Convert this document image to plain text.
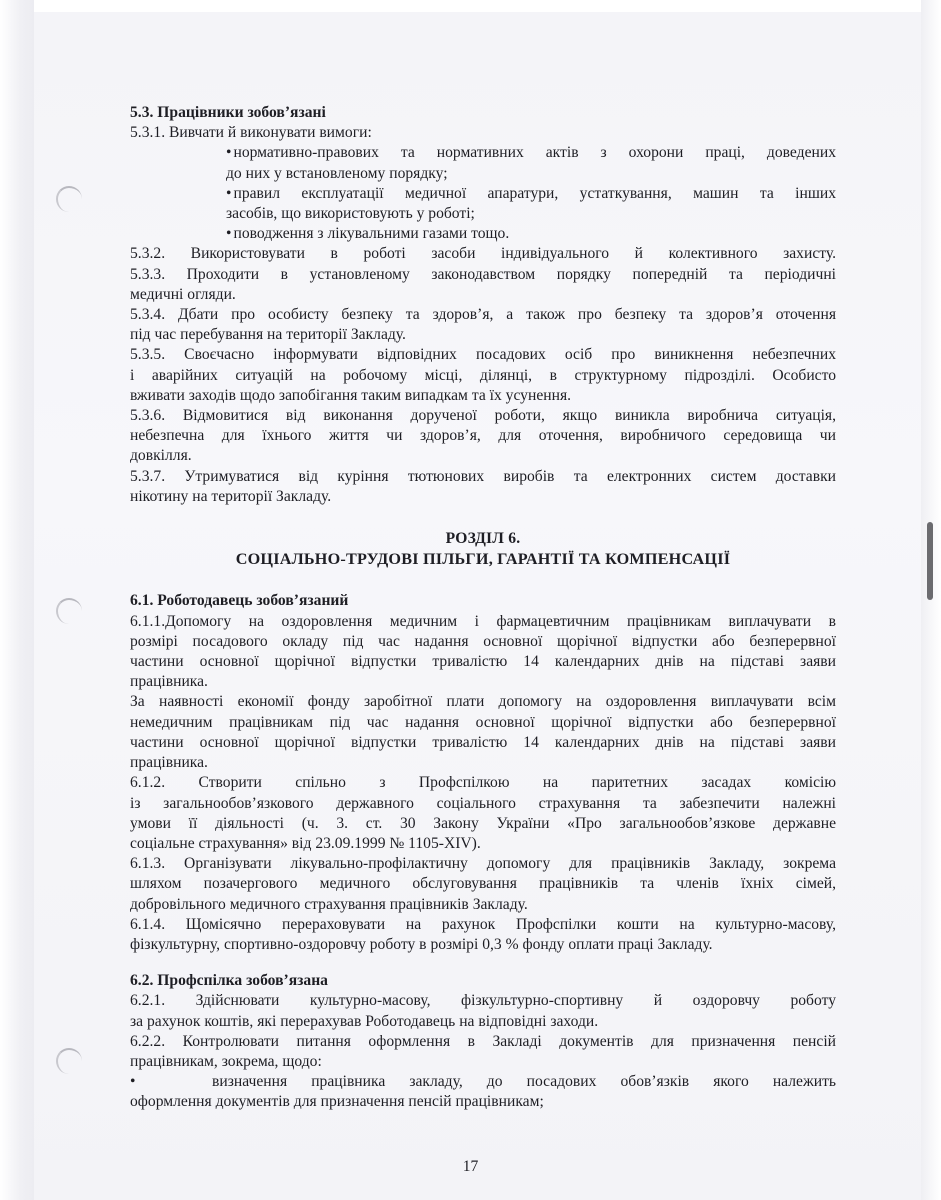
5.3. Працівники зобов’язані

5.3.1. Вивчати й виконувати вимоги:

• нормативно-правових та нормативних актів з охорони праці, доведених

до них у встановленому порядку;

• правил експлуатації медичної апаратури, устаткування, машин та інших

засобів, що використовують у роботі;

• поводження з лікувальними газами тощо.

5.3.2. Використовувати в роботі засоби індивідуального й колективного захисту.

5.3.3. Проходити в установленому законодавством порядку попередній та періодичні

медичні огляди.

5.3.4. Дбати про особисту безпеку та здоров’я, а також про безпеку та здоров’я оточення

під час перебування на території Закладу.

5.3.5. Своєчасно інформувати відповідних посадових осіб про виникнення небезпечних

і аварійних ситуацій на робочому місці, ділянці, в структурному підрозділі. Особисто

вживати заходів щодо запобігання таким випадкам та їх усунення.

5.3.6. Відмовитися від виконання дорученої роботи, якщо виникла виробнича ситуація,

небезпечна для їхнього життя чи здоров’я, для оточення, виробничого середовища чи

довкілля.

5.3.7. Утримуватися від куріння тютюнових виробів та електронних систем доставки

нікотину на території Закладу.

РОЗДІЛ 6.

СОЦІАЛЬНО-ТРУДОВІ ПІЛЬГИ, ГАРАНТІЇ ТА КОМПЕНСАЦІЇ

6.1. Роботодавець зобов’язаний

6.1.1.Допомогу на оздоровлення медичним і фармацевтичним працівникам виплачувати в

розмірі посадового окладу під час надання основної щорічної відпустки або безперервної

частини основної щорічної відпустки тривалістю 14 календарних днів на підставі заяви

працівника.

За наявності економії фонду заробітної плати допомогу на оздоровлення виплачувати всім

немедичним працівникам під час надання основної щорічної відпустки або безперервної

частини основної щорічної відпустки тривалістю 14 календарних днів на підставі заяви

працівника.

6.1.2. Створити спільно з Профспілкою на паритетних засадах комісію

із загальнообов’язкового державного соціального страхування та забезпечити належні

умови її діяльності (ч. 3. ст. 30 Закону України «Про загальнообов’язкове державне

соціальне страхування» від 23.09.1999 № 1105-XIV).

6.1.3. Організувати лікувально-профілактичну допомогу для працівників Закладу, зокрема

шляхом позачергового медичного обслуговування працівників та членів їхніх сімей,

добровільного медичного страхування працівників Закладу.

6.1.4. Щомісячно перераховувати на рахунок Профспілки кошти на культурно-масову,

фізкультурну, спортивно-оздоровчу роботу в розмірі 0,3 % фонду оплати праці Закладу.

6.2. Профспілка зобов’язана

6.2.1. Здійснювати культурно-масову, фізкультурно-спортивну й оздоровчу роботу

за рахунок коштів, які перерахував Роботодавець на відповідні заходи.

6.2.2. Контролювати питання оформлення в Закладі документів для призначення пенсій

працівникам, зокрема, щодо:

•	визначення працівника закладу, до посадових обов’язків якого належить

оформлення документів для призначення пенсій працівникам;

17
